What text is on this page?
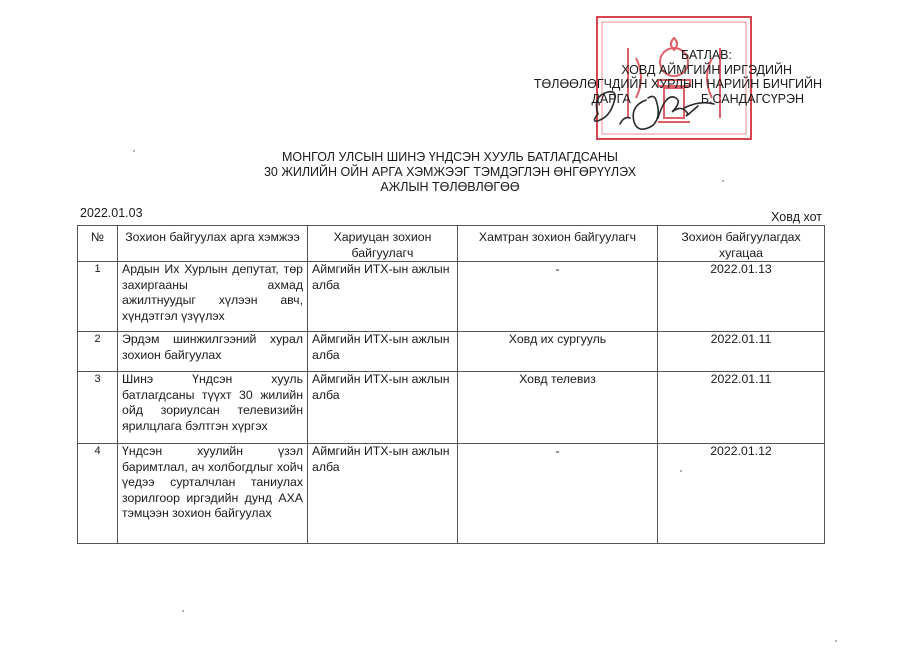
БАТЛАВ:
ХОВД АЙМГИЙН ИРГЭДИЙН
ТӨЛӨӨЛӨГЧДИЙН ХУРЛЫН НАРИЙН БИЧГИЙН
ДАРГА	Б.САНДАГСҮРЭН
МОНГОЛ УЛСЫН ШИНЭ ҮНДСЭН ХУУЛЬ БАТЛАГДСАНЫ
30 ЖИЛИЙН ОЙН АРГА ХЭМЖЭЭГ ТЭМДЭГЛЭН ӨНГӨРҮҮЛЭХ
АЖЛЫН ТӨЛӨВЛӨГӨӨ
2022.01.03	Ховд хот
№	Зохион байгуулах арга хэмжээ	Хариуцан зохион байгуулагч	Хамтран зохион байгуулагч	Зохион байгуулагдах хугацаа
1	Ардын Их Хурлын депутат, төр захиргааны ахмад ажилтнуудыг хүлээн авч, хүндэтгэл үзүүлэх	Аймгийн ИТХ-ын ажлын алба	-	2022.01.13
2	Эрдэм шинжилгээний хурал зохион байгуулах	Аймгийн ИТХ-ын ажлын алба	Ховд их сургууль	2022.01.11
3	Шинэ Үндсэн хууль батлагдсаны түүхт 30 жилийн ойд зориулсан телевизийн ярилцлага бэлтгэн хүргэх	Аймгийн ИТХ-ын ажлын алба	Ховд телевиз	2022.01.11
4	Үндсэн хуулийн үзэл баримтлал, ач холбогдлыг хойч үедээ сурталчлан таниулах зорилгоор иргэдийн дунд АХА тэмцээн зохион байгуулах	Аймгийн ИТХ-ын ажлын алба	-	2022.01.12
